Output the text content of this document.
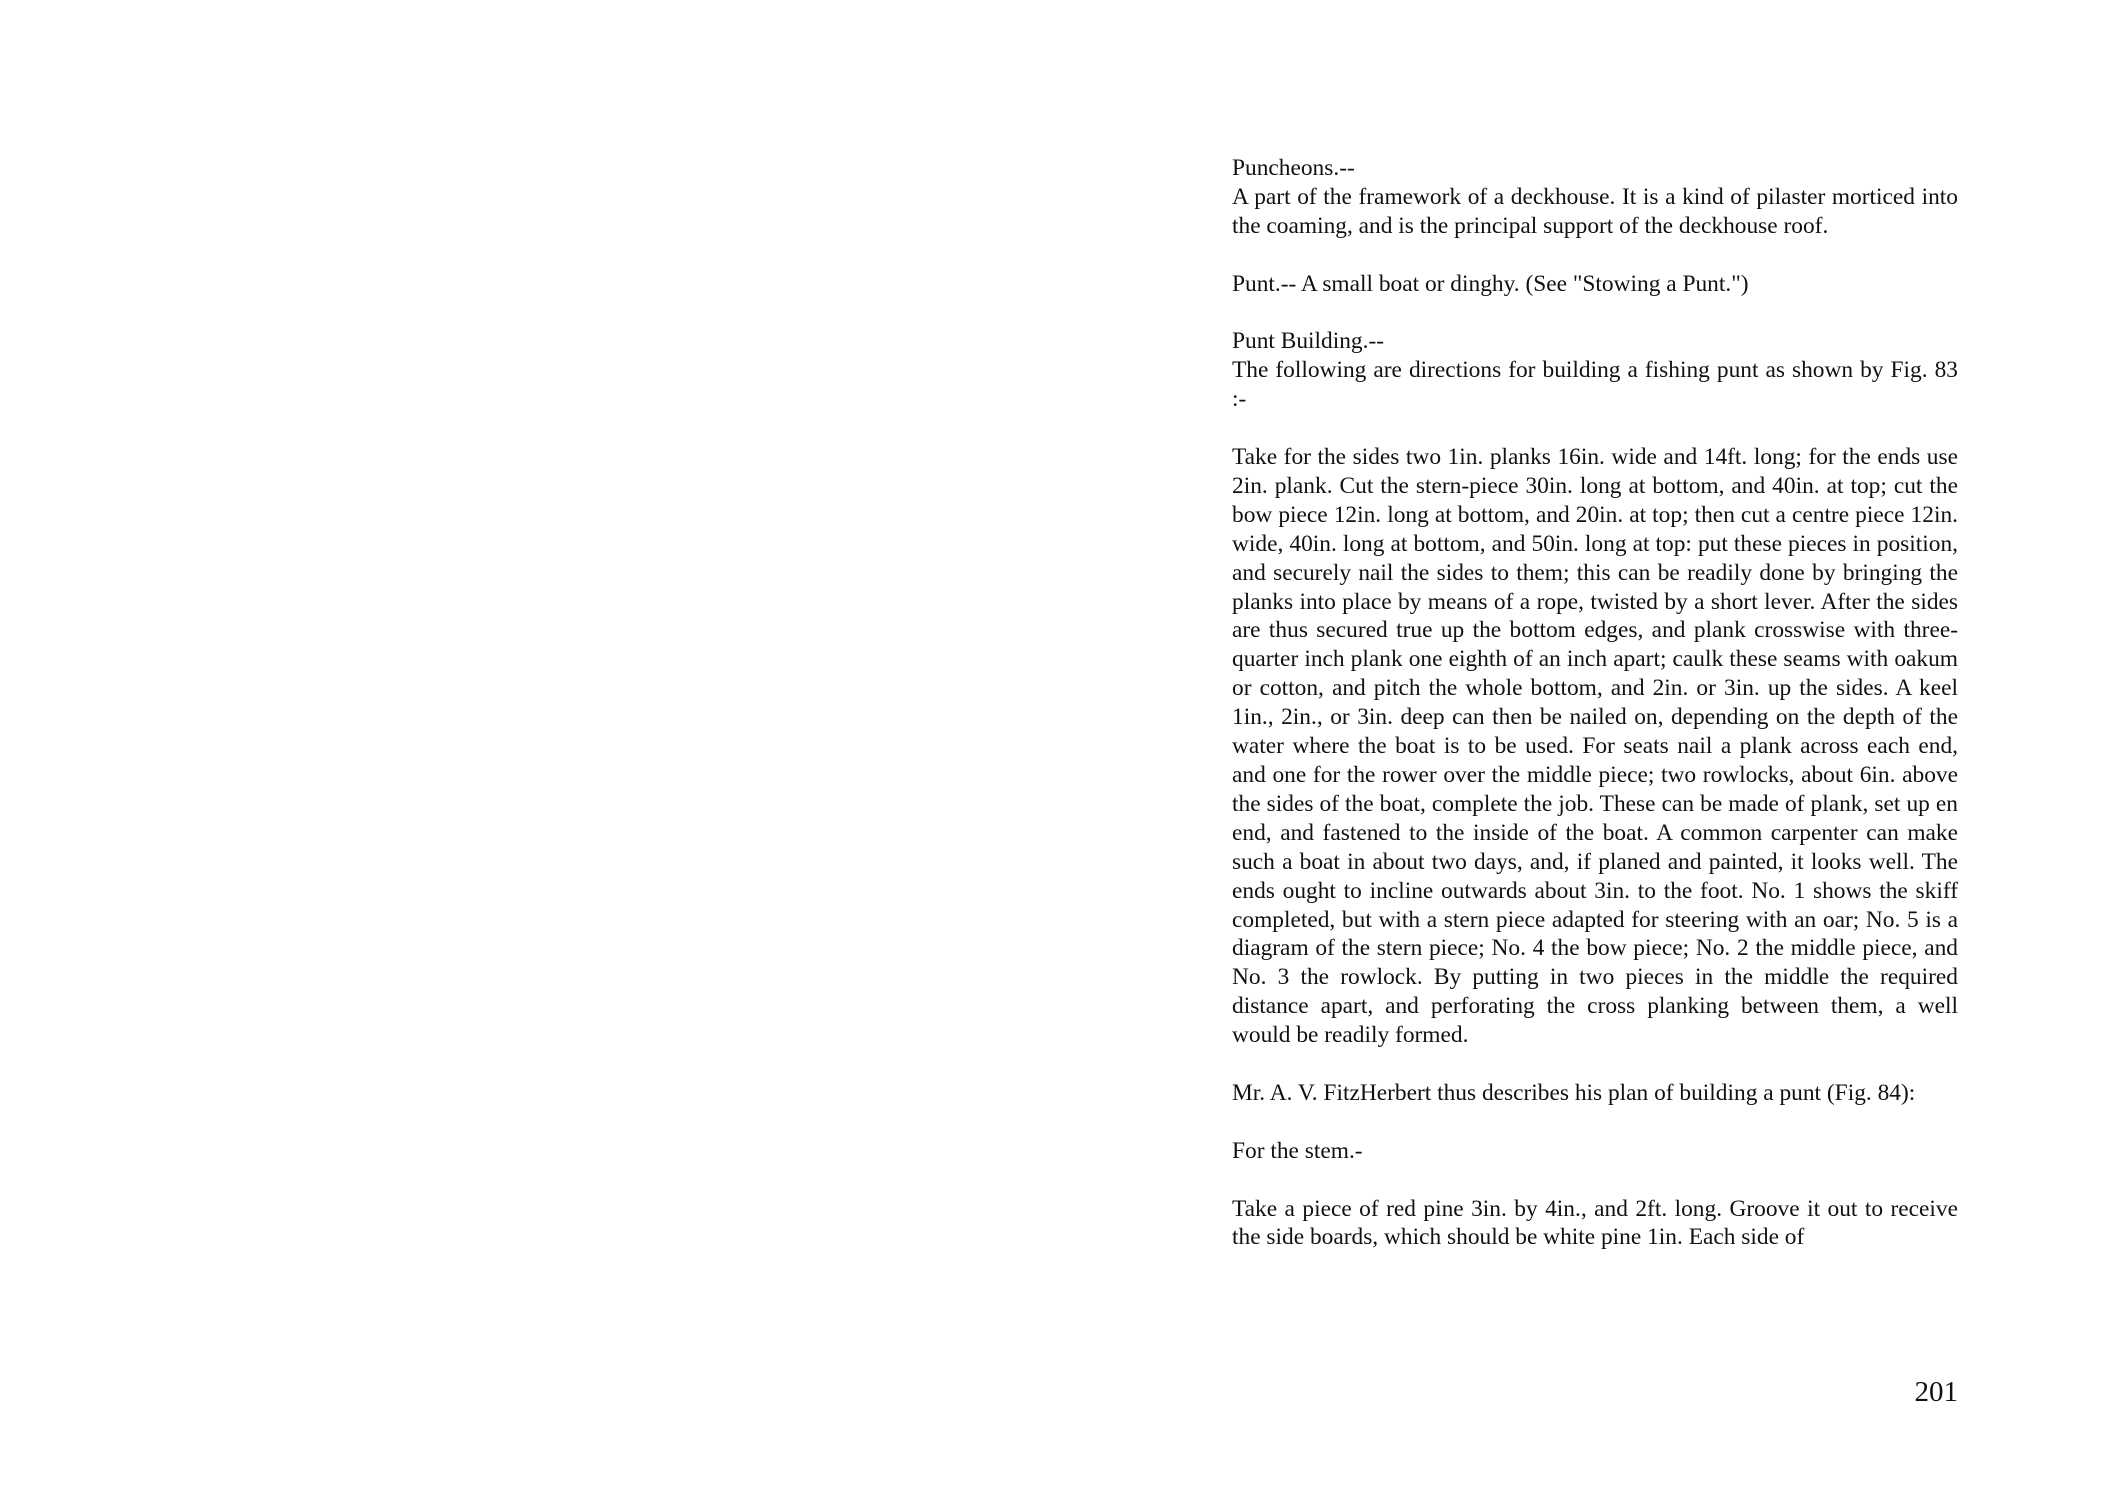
Puncheons.--
A part of the framework of a deckhouse. It is a kind of pilaster morticed into the coaming, and is the principal support of the deckhouse roof.

Punt.-- A small boat or dinghy. (See "Stowing a Punt.")

Punt Building.--
The following are directions for building a fishing punt as shown by Fig. 83 :-

Take for the sides two 1in. planks 16in. wide and 14ft. long; for the ends use 2in. plank. Cut the stern-piece 30in. long at bottom, and 40in. at top; cut the bow piece 12in. long at bottom, and 20in. at top; then cut a centre piece 12in. wide, 40in. long at bottom, and 50in. long at top: put these pieces in position, and securely nail the sides to them; this can be readily done by bringing the planks into place by means of a rope, twisted by a short lever. After the sides are thus secured true up the bottom edges, and plank crosswise with three-quarter inch plank one eighth of an inch apart; caulk these seams with oakum or cotton, and pitch the whole bottom, and 2in. or 3in. up the sides. A keel 1in., 2in., or 3in. deep can then be nailed on, depending on the depth of the water where the boat is to be used. For seats nail a plank across each end, and one for the rower over the middle piece; two rowlocks, about 6in. above the sides of the boat, complete the job. These can be made of plank, set up en end, and fastened to the inside of the boat. A common carpenter can make such a boat in about two days, and, if planed and painted, it looks well. The ends ought to incline outwards about 3in. to the foot. No. 1 shows the skiff completed, but with a stern piece adapted for steering with an oar; No. 5 is a diagram of the stern piece; No. 4 the bow piece; No. 2 the middle piece, and No. 3 the rowlock. By putting in two pieces in the middle the required distance apart, and perforating the cross planking between them, a well would be readily formed.

Mr. A. V. FitzHerbert thus describes his plan of building a punt (Fig. 84):

For the stem.-

Take a piece of red pine 3in. by 4in., and 2ft. long. Groove it out to receive the side boards, which should be white pine 1in. Each side of

201
